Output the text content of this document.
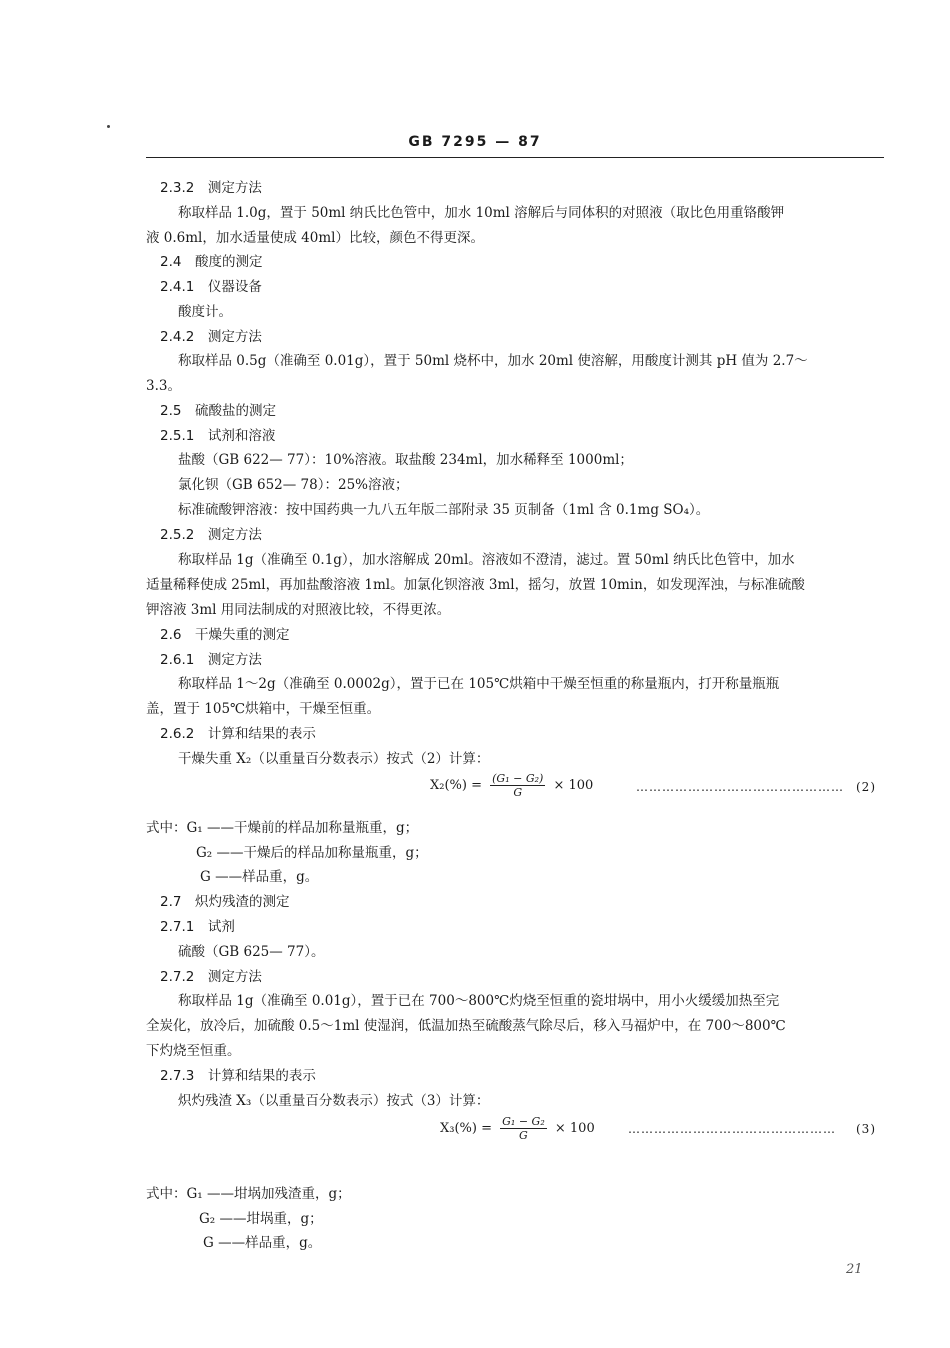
GB 7295 — 87
2.3.2　测定方法
称取样品 1.0g，置于 50ml 纳氏比色管中，加水 10ml 溶解后与同体积的对照液（取比色用重铬酸钾
液 0.6ml，加水适量使成 40ml）比较，颜色不得更深。
2.4　酸度的测定
2.4.1　仪器设备
酸度计。
2.4.2　测定方法
称取样品 0.5g（准确至 0.01g），置于 50ml 烧杯中，加水 20ml 使溶解，用酸度计测其 pH 值为 2.7～
3.3。
2.5　硫酸盐的测定
2.5.1　试剂和溶液
盐酸（GB 622— 77）：10%溶液。取盐酸 234ml，加水稀释至 1000ml；
氯化钡（GB 652— 78）：25%溶液；
标准硫酸钾溶液：按中国药典一九八五年版二部附录 35 页制备（1ml 含 0.1mg SO₄）。
2.5.2　测定方法
称取样品 1g（准确至 0.1g），加水溶解成 20ml。溶液如不澄清，滤过。置 50ml 纳氏比色管中，加水
适量稀释使成 25ml，再加盐酸溶液 1ml。加氯化钡溶液 3ml，摇匀，放置 10min，如发现浑浊，与标准硫酸
钾溶液 3ml 用同法制成的对照液比较，不得更浓。
2.6　干燥失重的测定
2.6.1　测定方法
称取样品 1～2g（准确至 0.0002g），置于已在 105℃烘箱中干燥至恒重的称量瓶内，打开称量瓶瓶
盖，置于 105℃烘箱中，干燥至恒重。
2.6.2　计算和结果的表示
干燥失重 X₂（以重量百分数表示）按式（2）计算：
$X_2(\%) = \frac{\text{(G₁ − G₂)}}{G} \times 100$	………………………………………… (2)
式中：G₁ ——干燥前的样品加称量瓶重，g；
G₂ ——干燥后的样品加称量瓶重，g；
G ——样品重，g。
2.7　炽灼残渣的测定
2.7.1　试剂
硫酸（GB 625— 77）。
2.7.2　测定方法
称取样品 1g（准确至 0.01g），置于已在 700～800℃灼烧至恒重的瓷坩埚中，用小火缓缓加热至完
全炭化，放冷后，加硫酸 0.5～1ml 使湿润，低温加热至硫酸蒸气除尽后，移入马福炉中，在 700～800℃
下灼烧至恒重。
2.7.3　计算和结果的表示
炽灼残渣 X₃（以重量百分数表示）按式（3）计算：
$X_3(\%) = \frac{\text{G₁ − G₂}}{G} \times 100$	………………………………………… (3)
式中：G₁ ——坩埚加残渣重，g；
G₂ ——坩埚重，g；
G ——样品重，g。
21
